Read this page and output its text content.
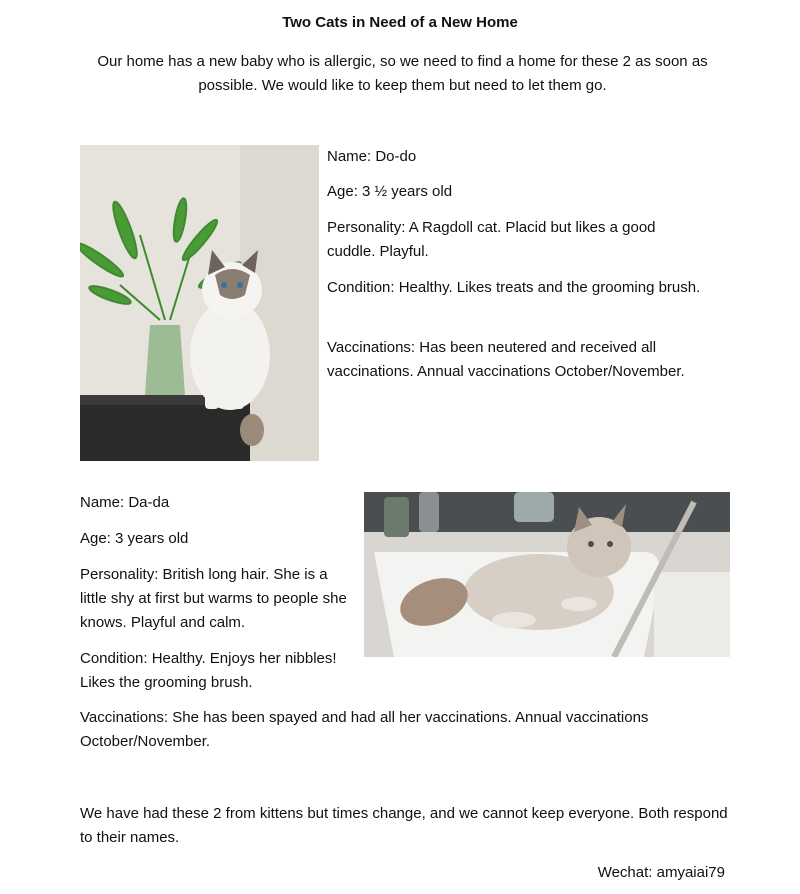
Two Cats in Need of a New Home
Our home has a new baby who is allergic, so we need to find a home for these 2 as soon as possible. We would like to keep them but need to let them go.
Name: Do-do
Age: 3 ½ years old
Personality: A Ragdoll cat. Placid but likes a good cuddle. Playful.
Condition: Healthy. Likes treats and the grooming brush.
Vaccinations: Has been neutered and received all vaccinations. Annual vaccinations October/November.
Name: Da-da
Age: 3 years old
Personality: British long hair. She is a little shy at first but warms to people she knows. Playful and calm.
Condition: Healthy. Enjoys her nibbles! Likes the grooming brush.
Vaccinations: She has been spayed and had all her vaccinations. Annual vaccinations October/November.
We have had these 2 from kittens but times change, and we cannot keep everyone. Both respond to their names.
Wechat: amyaiai79
